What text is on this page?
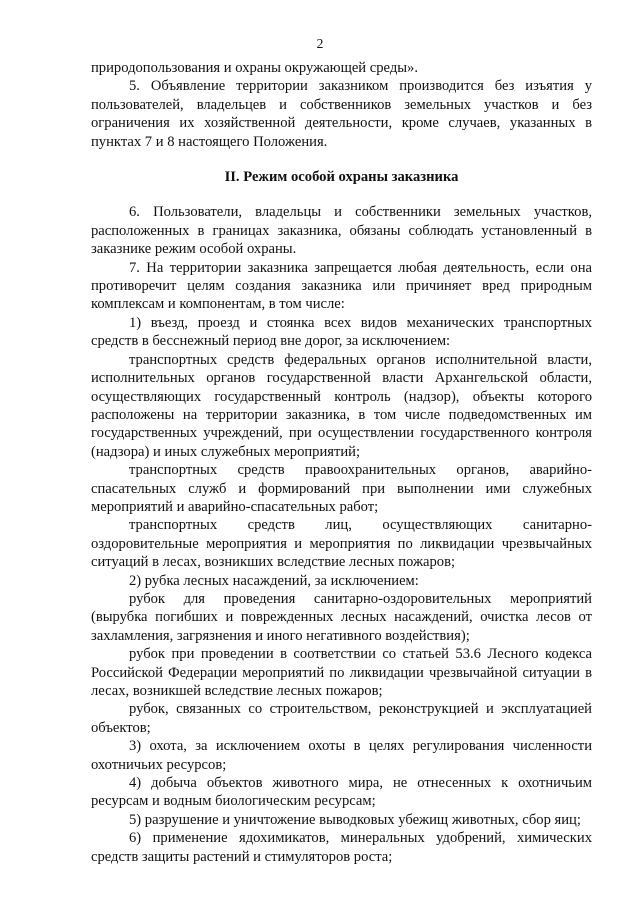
2

природопользования и охраны окружающей среды».

5. Объявление территории заказником производится без изъятия у пользователей, владельцев и собственников земельных участков и без ограничения их хозяйственной деятельности, кроме случаев, указанных в пунктах 7 и 8 настоящего Положения.

II. Режим особой охраны заказника

6. Пользователи, владельцы и собственники земельных участков, расположенных в границах заказника, обязаны соблюдать установленный в заказнике режим особой охраны.

7. На территории заказника запрещается любая деятельность, если она противоречит целям создания заказника или причиняет вред природным комплексам и компонентам, в том числе:

1) въезд, проезд и стоянка всех видов механических транспортных средств в бесснежный период вне дорог, за исключением:

транспортных средств федеральных органов исполнительной власти, исполнительных органов государственной власти Архангельской области, осуществляющих государственный контроль (надзор), объекты которого расположены на территории заказника, в том числе подведомственных им государственных учреждений, при осуществлении государственного контроля (надзора) и иных служебных мероприятий;

транспортных средств правоохранительных органов, аварийно-спасательных служб и формирований при выполнении ими служебных мероприятий и аварийно-спасательных работ;

транспортных средств лиц, осуществляющих санитарно-оздоровительные мероприятия и мероприятия по ликвидации чрезвычайных ситуаций в лесах, возникших вследствие лесных пожаров;

2) рубка лесных насаждений, за исключением:

рубок для проведения санитарно-оздоровительных мероприятий (вырубка погибших и поврежденных лесных насаждений, очистка лесов от захламления, загрязнения и иного негативного воздействия);

рубок при проведении в соответствии со статьей 53.6 Лесного кодекса Российской Федерации мероприятий по ликвидации чрезвычайной ситуации в лесах, возникшей вследствие лесных пожаров;

рубок, связанных со строительством, реконструкцией и эксплуатацией объектов;

3) охота, за исключением охоты в целях регулирования численности охотничьих ресурсов;

4) добыча объектов животного мира, не отнесенных к охотничьим ресурсам и водным биологическим ресурсам;

5) разрушение и уничтожение выводковых убежищ животных, сбор яиц;

6) применение ядохимикатов, минеральных удобрений, химических средств защиты растений и стимуляторов роста;
